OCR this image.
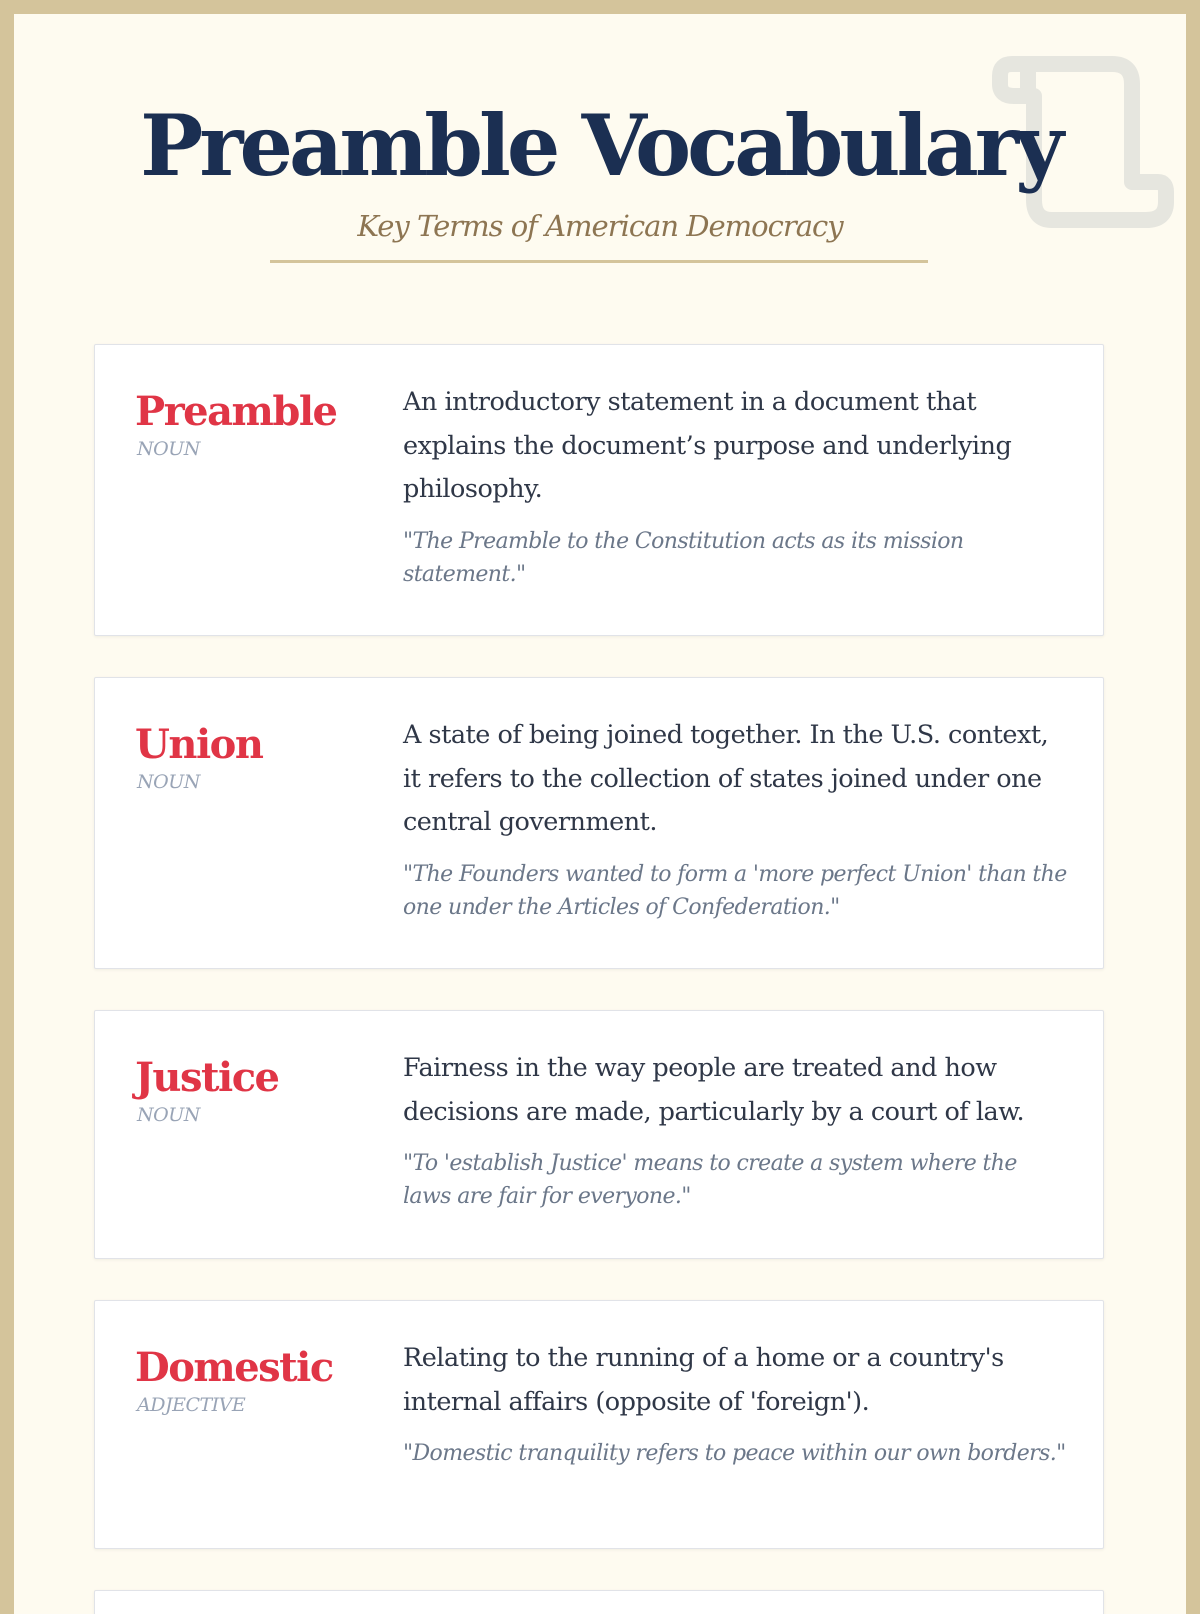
Preamble Vocabulary

Key Terms of American Democracy

Preamble
NOUN

An introductory statement in a document that explains the document’s purpose and underlying philosophy.

"The Preamble to the Constitution acts as its mission statement."

Union
NOUN

A state of being joined together. In the U.S. context, it refers to the collection of states joined under one central government.

"The Founders wanted to form a 'more perfect Union' than the one under the Articles of Confederation."

Justice
NOUN

Fairness in the way people are treated and how decisions are made, particularly by a court of law.

"To 'establish Justice' means to create a system where the laws are fair for everyone."

Domestic
ADJECTIVE

Relating to the running of a home or a country's internal affairs (opposite of 'foreign').

"Domestic tranquility refers to peace within our own borders."
